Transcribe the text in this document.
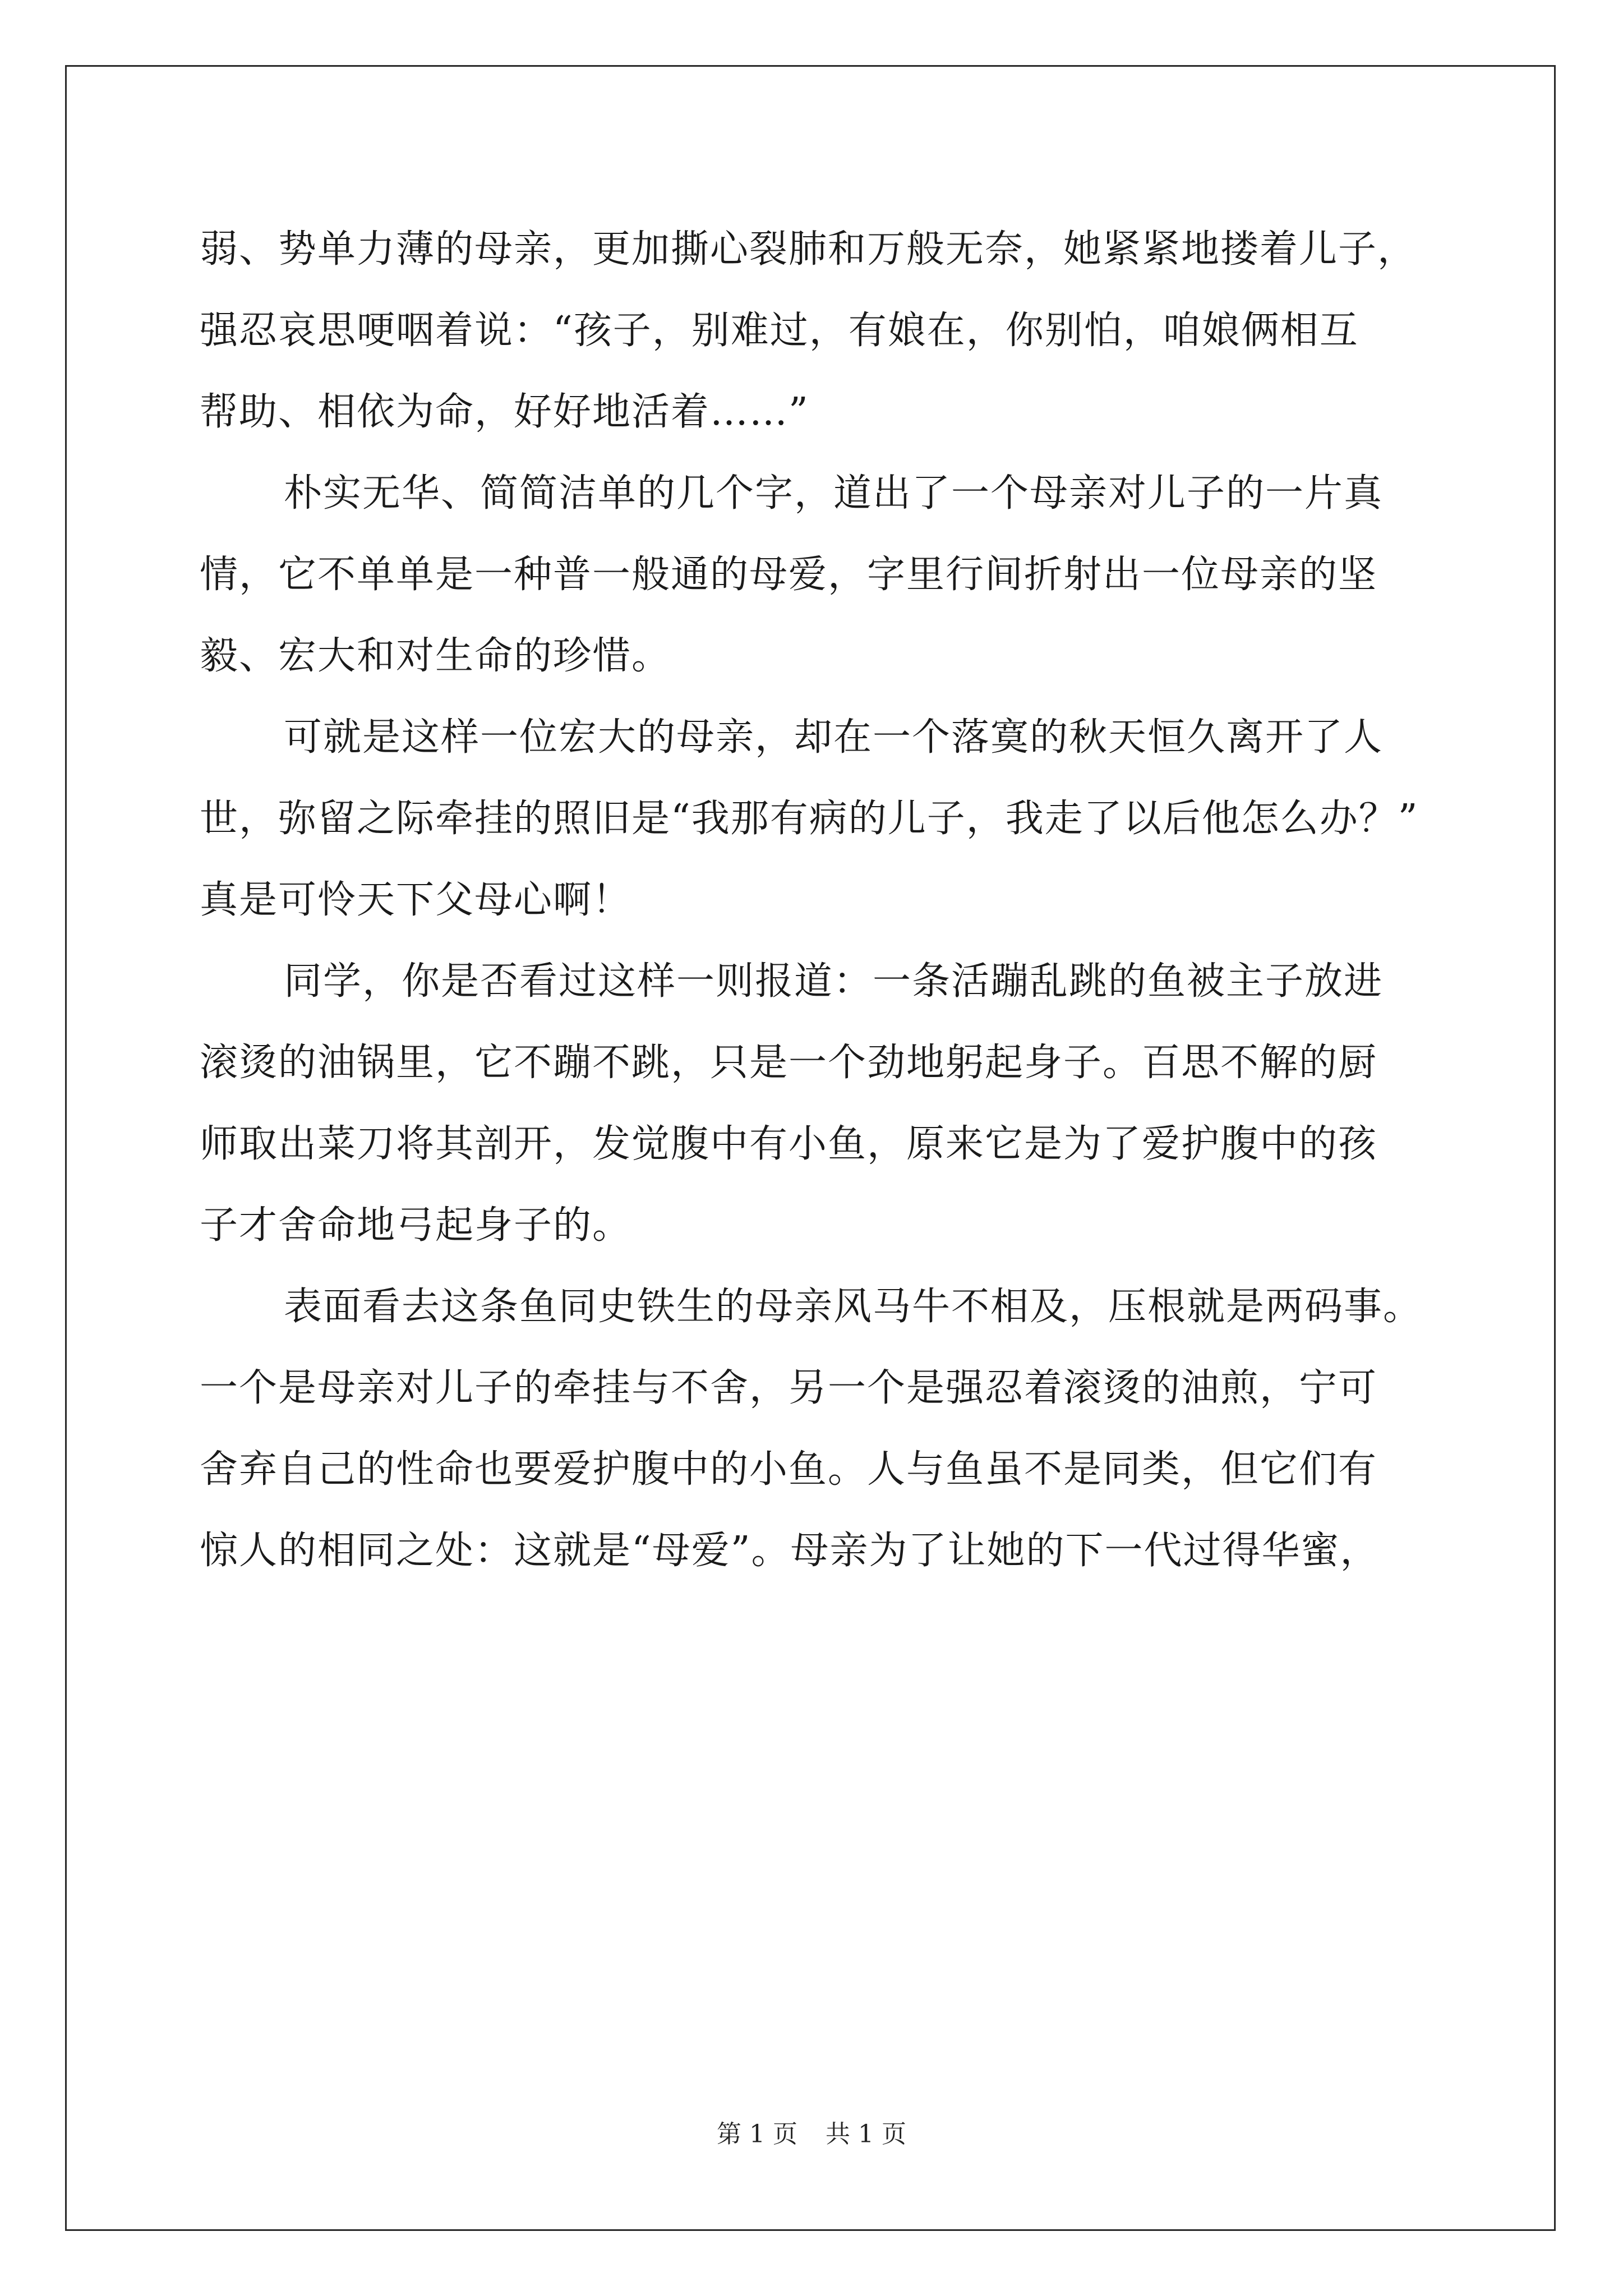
弱、势单力薄的母亲，更加撕心裂肺和万般无奈，她紧紧地搂着儿子，
强忍哀思哽咽着说：“孩子，别难过，有娘在，你别怕，咱娘俩相互
帮助、相依为命，好好地活着……”
朴实无华、简简洁单的几个字，道出了一个母亲对儿子的一片真
情，它不单单是一种普一般通的母爱，字里行间折射出一位母亲的坚
毅、宏大和对生命的珍惜。
可就是这样一位宏大的母亲，却在一个落寞的秋天恒久离开了人
世，弥留之际牵挂的照旧是“我那有病的儿子，我走了以后他怎么办？”
真是可怜天下父母心啊！
同学，你是否看过这样一则报道：一条活蹦乱跳的鱼被主子放进
滚烫的油锅里，它不蹦不跳，只是一个劲地躬起身子。百思不解的厨
师取出菜刀将其剖开，发觉腹中有小鱼，原来它是为了爱护腹中的孩
子才舍命地弓起身子的。
表面看去这条鱼同史铁生的母亲风马牛不相及，压根就是两码事。
一个是母亲对儿子的牵挂与不舍，另一个是强忍着滚烫的油煎，宁可
舍弃自己的性命也要爱护腹中的小鱼。人与鱼虽不是同类，但它们有
惊人的相同之处：这就是“母爱”。母亲为了让她的下一代过得华蜜，
第 1 页 共 1 页
